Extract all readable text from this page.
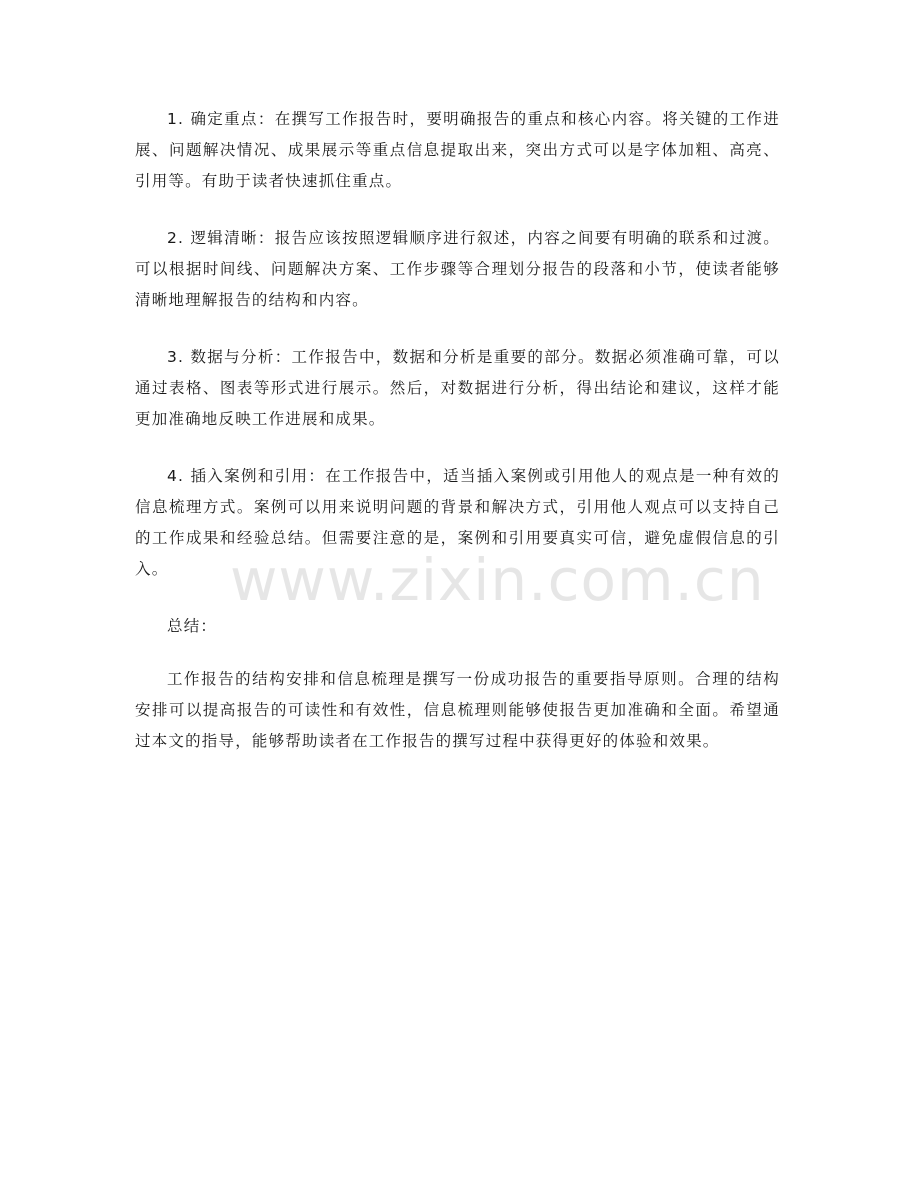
1. 确定重点：在撰写工作报告时，要明确报告的重点和核心内容。将关键的工作进展、问题解决情况、成果展示等重点信息提取出来，突出方式可以是字体加粗、高亮、引用等。有助于读者快速抓住重点。

2. 逻辑清晰：报告应该按照逻辑顺序进行叙述，内容之间要有明确的联系和过渡。可以根据时间线、问题解决方案、工作步骤等合理划分报告的段落和小节，使读者能够清晰地理解报告的结构和内容。

3. 数据与分析：工作报告中，数据和分析是重要的部分。数据必须准确可靠，可以通过表格、图表等形式进行展示。然后，对数据进行分析，得出结论和建议，这样才能更加准确地反映工作进展和成果。

4. 插入案例和引用：在工作报告中，适当插入案例或引用他人的观点是一种有效的信息梳理方式。案例可以用来说明问题的背景和解决方式，引用他人观点可以支持自己的工作成果和经验总结。但需要注意的是，案例和引用要真实可信，避免虚假信息的引入。

总结：

工作报告的结构安排和信息梳理是撰写一份成功报告的重要指导原则。合理的结构安排可以提高报告的可读性和有效性，信息梳理则能够使报告更加准确和全面。希望通过本文的指导，能够帮助读者在工作报告的撰写过程中获得更好的体验和效果。

www.zixin.com.cn
